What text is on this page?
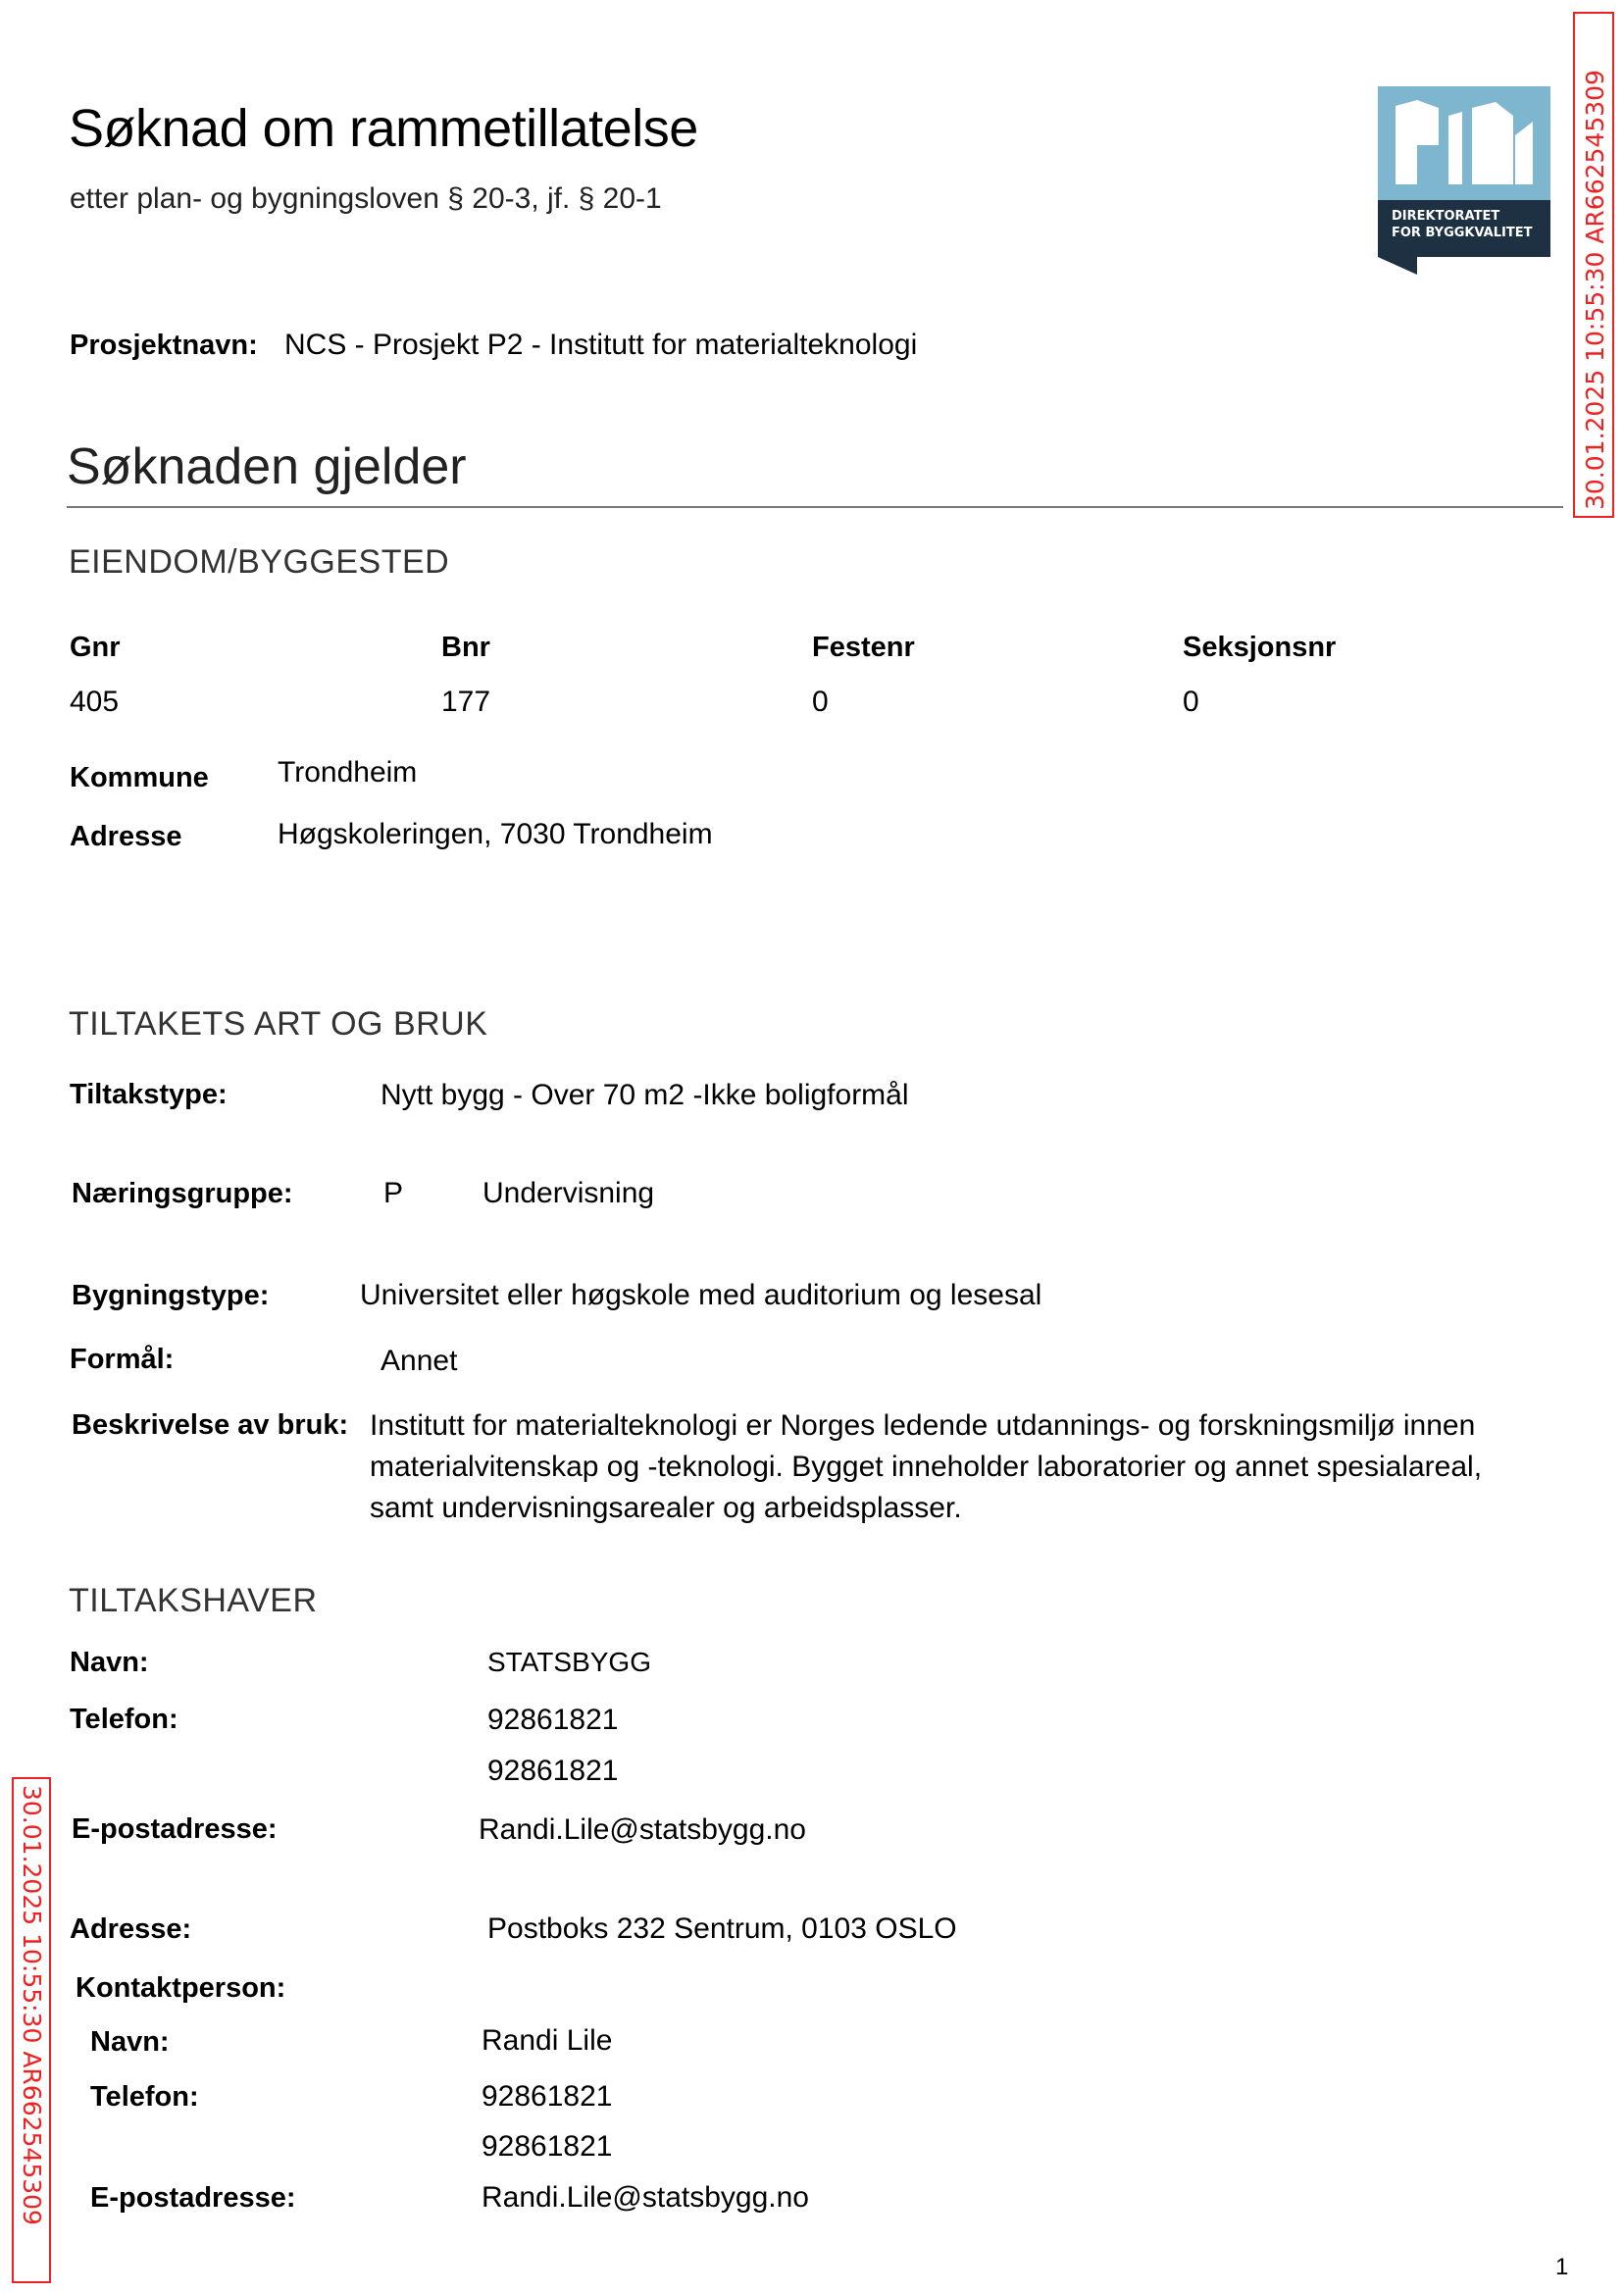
Søknad om rammetillatelse
etter plan- og bygningsloven § 20-3, jf. § 20-1
DIREKTORATET
FOR BYGGKVALITET 30.01.2025 10:55:30 AR662545309
30.01.2025 10:55:30 AR662545309
Prosjektnavn: NCS - Prosjekt P2 - Institutt for materialteknologi
Søknaden gjelder
EIENDOM/BYGGESTED
Gnr	Bnr	Festenr	Seksjonsnr
405	177	0	0
Kommune Trondheim
Adresse	Høgskoleringen, 7030 Trondheim
TILTAKETS ART OG BRUK
Tiltakstype:	Nytt bygg - Over 70 m2 -Ikke boligformål
Næringsgruppe:	P	Undervisning
Bygningstype:	Universitet eller høgskole med auditorium og lesesal
Formål:	Annet
Beskrivelse av bruk: Institutt for materialteknologi er Norges ledende utdannings- og forskningsmiljø innen
materialvitenskap og -teknologi. Bygget inneholder laboratorier og annet spesialareal,
samt undervisningsarealer og arbeidsplasser.
TILTAKSHAVER
Navn:	STATSBYGG
Telefon:	92861821
92861821
E-postadresse:	Randi.Lile@statsbygg.no
Adresse:	Postboks 232 Sentrum, 0103 OSLO
Kontaktperson:
Navn:	Randi Lile
Telefon:	92861821
92861821
E-postadresse:	Randi.Lile@statsbygg.no
1
